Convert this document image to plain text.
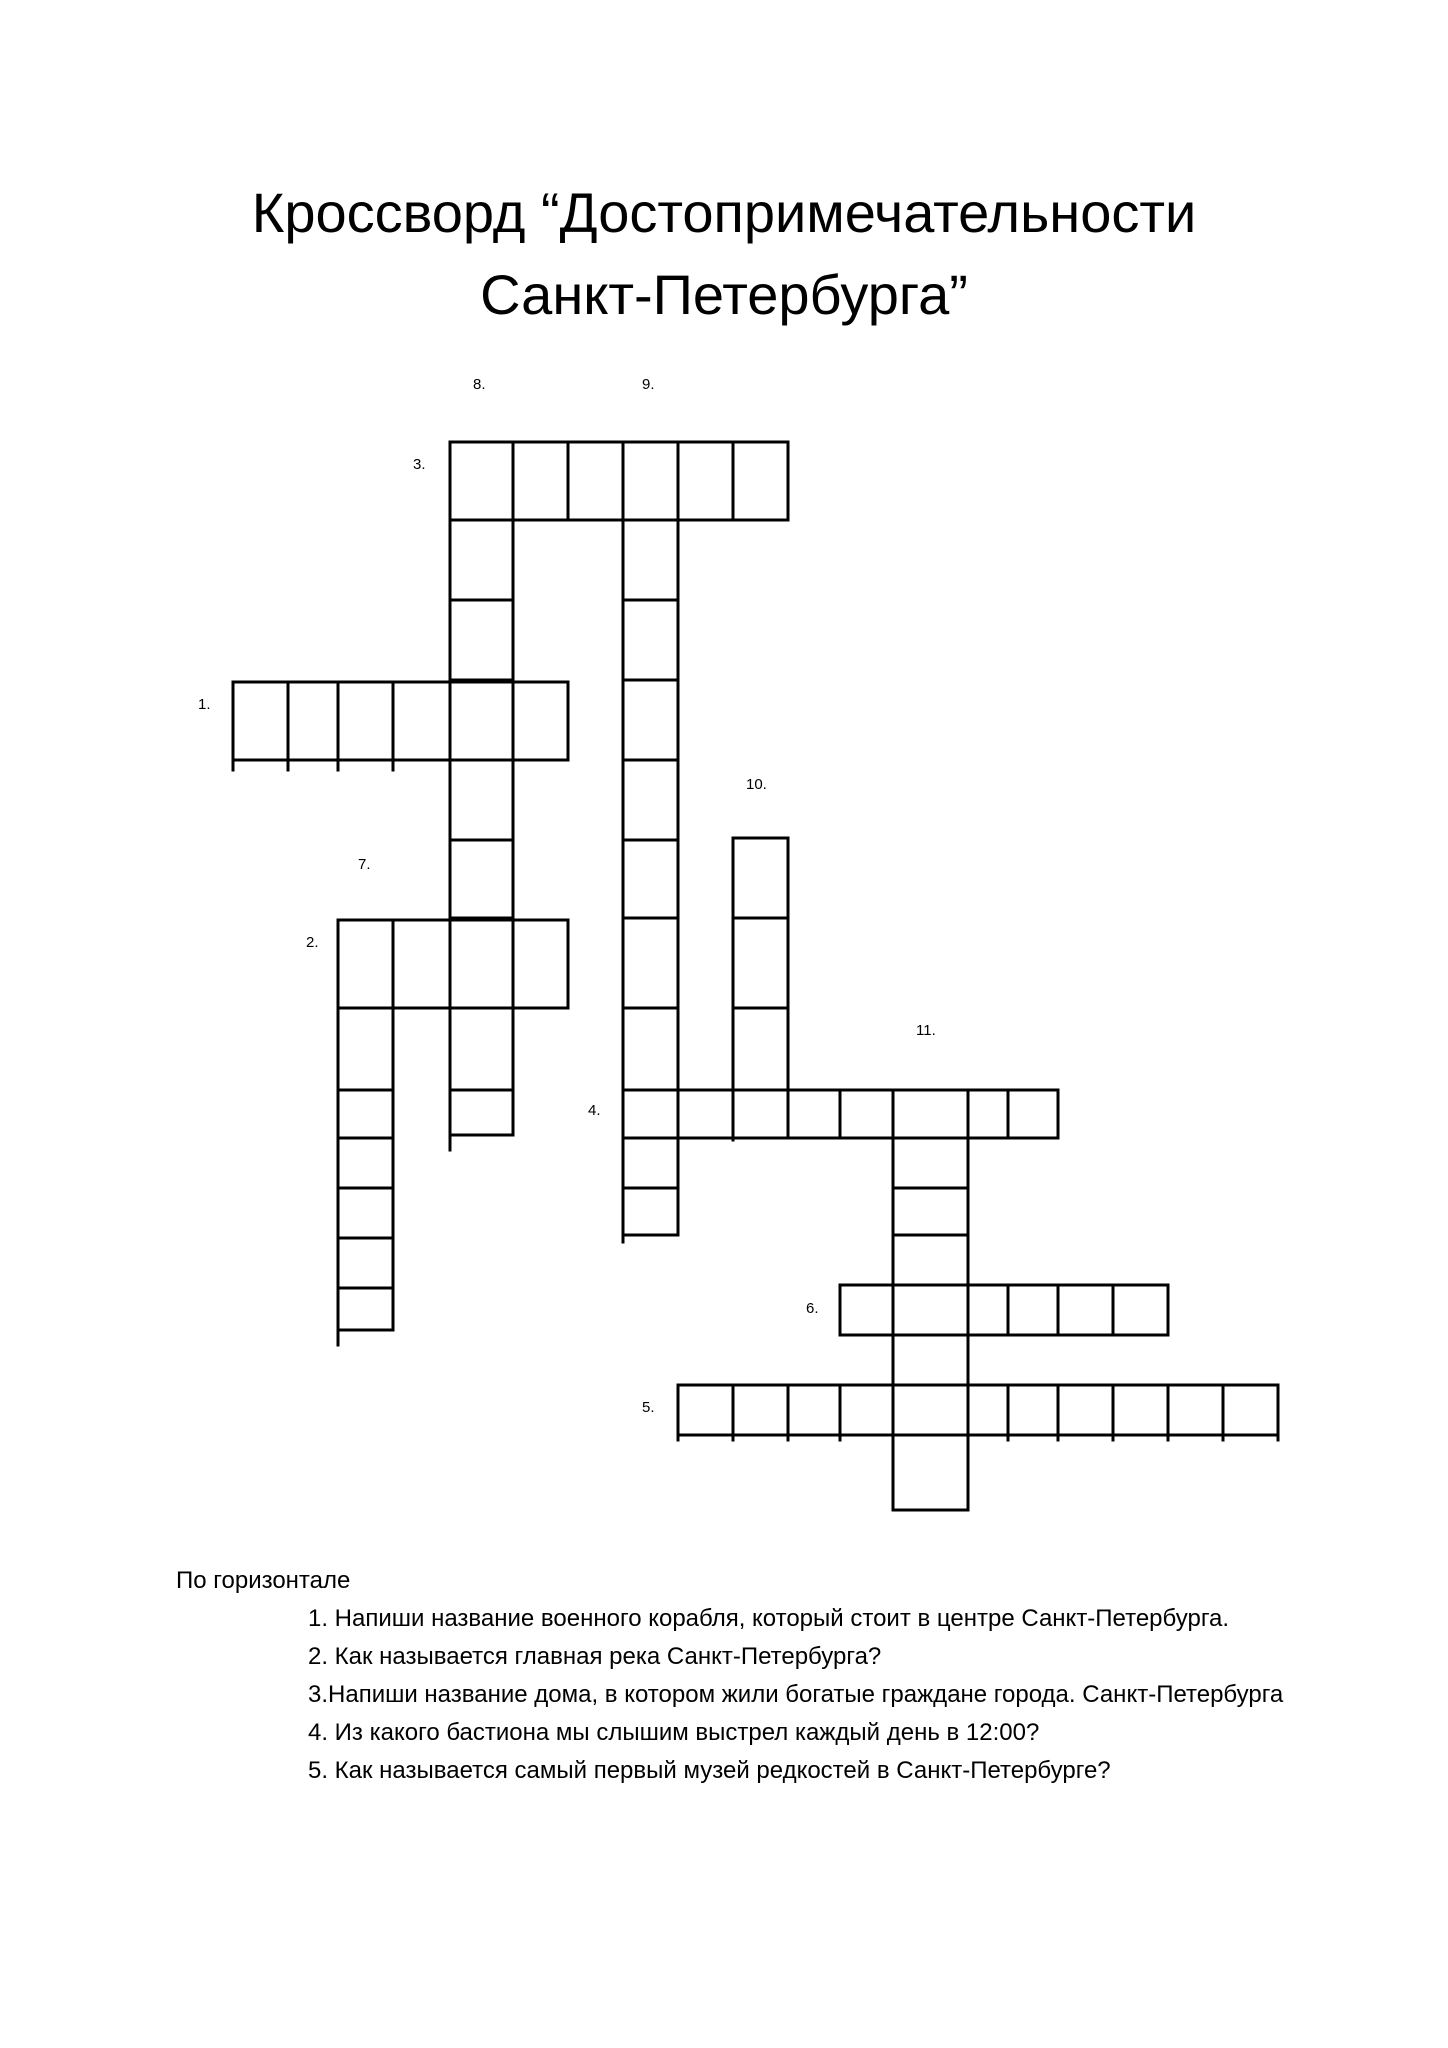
Кроссворд “Достопримечательности
Санкт-Петербурга”
8.	9.
3.
1.
10.
7.
2.
11.
4.
6.
5.
По горизонтале
1. Напиши название военного корабля, который стоит в центре Санкт-Петербурга.
2. Как называется главная река Санкт-Петербурга?
3.Напиши название дома, в котором жили богатые граждане города. Санкт-Петербурга
4. Из какого бастиона мы слышим выстрел каждый день в 12:00?
5. Как называется самый первый музей редкостей в Санкт-Петербурге?
